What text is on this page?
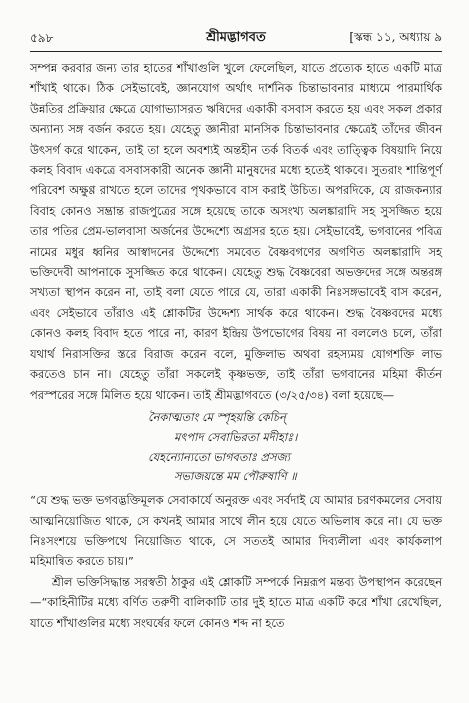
৫৯৮	শ্রীমদ্ভাগবত	[স্কন্ধ ১১, অধ্যায় ৯

সম্পন্ন করবার জন্য তার হাতের শাঁখাগুলি খুলে ফেলেছিল, যাতে প্রত্যেক হাতে একটি মাত্র শাঁখাই থাকে। ঠিক সেইভাবেই, জ্ঞানযোগ অর্থাৎ দার্শনিক চিন্তাভাবনার মাধ্যমে পারমার্থিক উন্নতির প্রক্রিয়ার ক্ষেত্রে যোগাভ্যাসরত ঋষিদের একাকী বসবাস করতে হয় এবং সকল প্রকার অন্যান্য সঙ্গ বর্জন করতে হয়। যেহেতু জ্ঞানীরা মানসিক চিন্তাভাবনার ক্ষেত্রেই তাঁদের জীবন উৎসর্গ করে থাকেন, তাই তা হলে অবশ্যই অন্তহীন তর্ক বিতর্ক এবং তাত্ত্বিক বিষয়াদি নিয়ে কলহ বিবাদ একত্রে বসবাসকারী অনেক জ্ঞানী মানুষদের মধ্যে হতেই থাকবে। সুতরাং শান্তিপূর্ণ পরিবেশ অক্ষুণ্ণ রাখতে হলে তাদের পৃথকভাবে বাস করাই উচিত। অপরদিকে, যে রাজকন্যার বিবাহ কোনও সম্ভ্রান্ত রাজপুত্রের সঙ্গে হয়েছে তাকে অসংখ্য অলঙ্কারাদি সহ সুসজ্জিত হয়ে তার পতির প্রেম-ভালবাসা অর্জনের উদ্দেশ্যে অগ্রসর হতে হয়। সেইভাবেই, ভগবানের পবিত্র নামের মধুর ধ্বনির আস্বাদনের উদ্দেশ্যে সমবেত বৈষ্ণবগণের অগণিত অলঙ্কারাদি সহ ভক্তিদেবী আপনাকে সুসজ্জিত করে থাকেন। যেহেতু শুদ্ধ বৈষ্ণবেরা অভক্তদের সঙ্গে অন্তরঙ্গ সখ্যতা স্থাপন করেন না, তাই বলা যেতে পারে যে, তারা একাকী নিঃসঙ্গভাবেই বাস করেন, এবং সেইভাবে তাঁরাও এই শ্লোকটির উদ্দেশ্য সার্থক করে থাকেন। শুদ্ধ বৈষ্ণবদের মধ্যে কোনও কলহ বিবাদ হতে পারে না, কারণ ইন্দ্রিয় উপভোগের বিষয় না বললেও চলে, তাঁরা যথার্থ নিরাসক্তির স্তরে বিরাজ করেন বলে, মুক্তিলাভ অথবা রহস্যময় যোগশক্তি লাভ করতেও চান না। যেহেতু তাঁরা সকলেই কৃষ্ণভক্ত, তাই তাঁরা ভগবানের মহিমা কীর্তন পরস্পরের সঙ্গে মিলিত হয়ে থাকেন। তাই শ্রীমদ্ভাগবতে (৩/২৫/৩৪) বলা হয়েছে—

নৈকাত্মতাং মে স্পৃহয়ন্তি কেচিন্
মৎপাদ সেবাভিরতা মদীহাঃ।
যেহন্যোন্যতো ভাগবতাঃ প্রসজ্য
সভাজয়ন্তে মম পৌরুষাণি ॥

“যে শুদ্ধ ভক্ত ভগবদ্ভক্তিমূলক সেবাকার্যে অনুরক্ত এবং সর্বদাই যে আমার চরণকমলের সেবায় আত্মনিয়োজিত থাকে, সে কখনই আমার সাথে লীন হয়ে যেতে অভিলাষ করে না। যে ভক্ত নিঃসংশয়ে ভক্তিপথে নিয়োজিত থাকে, সে সততই আমার দিব্যলীলা এবং কার্যকলাপ মহিমান্বিত করতে চায়।”

শ্রীল ভক্তিসিদ্ধান্ত সরস্বতী ঠাকুর এই শ্লোকটি সম্পর্কে নিম্নরূপ মন্তব্য উপস্থাপন করেছেন—“কাহিনীটির মধ্যে বর্ণিত তরুণী বালিকাটি তার দুই হাতে মাত্র একটি করে শাঁখা রেখেছিল, যাতে শাঁখাগুলির মধ্যে সংঘর্ষের ফলে কোনও শব্দ না হতে
